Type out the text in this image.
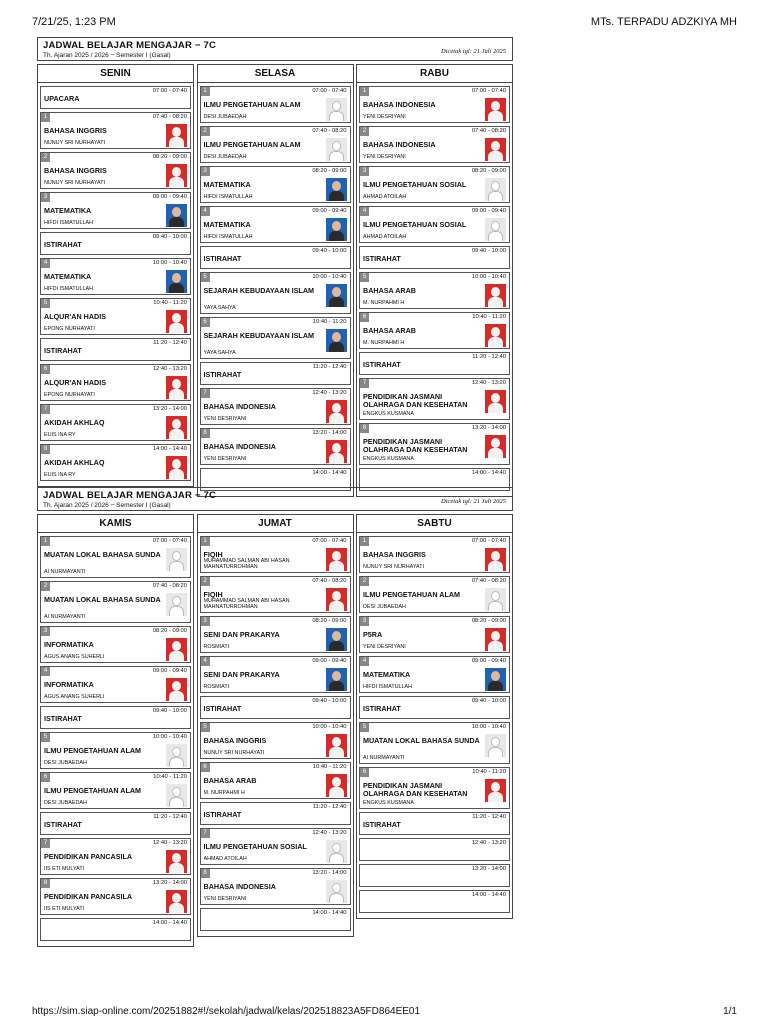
7/21/25, 1:23 PM	MTs. TERPADU ADZKIYA MH
JADWAL BELAJAR MENGAJAR − 7C
Th. Ajaran 2025 / 2026 − Semester I (Gasal)
Dicetak tgl: 21 Juli 2025
SENIN
07:00 - 07:40
UPACARA
1	07:40 - 08:20
BAHASA INGGRIS
NUNUY SRI NURHAYATI
2	08:20 - 09:00
BAHASA INGGRIS
NUNUY SRI NURHAYATI
3	09:00 - 09:40
MATEMATIKA
HIFDI ISMATULLAH
09:40 - 10:00
ISTIRAHAT
4	10:00 - 10:40
MATEMATIKA
HIFDI ISMATULLAH
5	10:40 - 11:20
ALQUR'AN HADIS
EPONG NURHAYATI
11:20 - 12:40
ISTIRAHAT
6	12:40 - 13:20
ALQUR'AN HADIS
EPONG NURHAYATI
7	13:20 - 14:00
AKIDAH AKHLAQ
EUIS INA RY
8	14:00 - 14:40
AKIDAH AKHLAQ
EUIS INA RY
SELASA
1	07:00 - 07:40
ILMU PENGETAHUAN ALAM
DESI JUBAEDAH
2	07:40 - 08:20
ILMU PENGETAHUAN ALAM
DESI JUBAEDAH
3	08:20 - 09:00
MATEMATIKA
HIFDI ISMATULLAH
4	09:00 - 09:40
MATEMATIKA
HIFDI ISMATULLAH
09:40 - 10:00
ISTIRAHAT
5	10:00 - 10:40
SEJARAH KEBUDAYAAN ISLAM
YAYA SAHYA
6	10:40 - 11:20
SEJARAH KEBUDAYAAN ISLAM
YAYA SAHYA
11:20 - 12:40
ISTIRAHAT
7	12:40 - 13:20
BAHASA INDONESIA
YENI DESRIYANI
8	13:20 - 14:00
BAHASA INDONESIA
YENI DESRIYANI
14:00 - 14:40
RABU
1	07:00 - 07:40
BAHASA INDONESIA
YENI DESRIYANI
2	07:40 - 08:20
BAHASA INDONESIA
YENI DESRIYANI
3	08:20 - 09:00
ILMU PENGETAHUAN SOSIAL
AHMAD ATOILAH
4	09:00 - 09:40
ILMU PENGETAHUAN SOSIAL
AHMAD ATOILAH
09:40 - 10:00
ISTIRAHAT
5	10:00 - 10:40
BAHASA ARAB
M. NURPAHMI H
6	10:40 - 11:20
BAHASA ARAB
M. NURPAHMI H
11:20 - 12:40
ISTIRAHAT
7	12:40 - 13:20
PENDIDIKAN JASMANI OLAHRAGA DAN KESEHATAN
ENGKUS KUSMANA
8	13:20 - 14:00
PENDIDIKAN JASMANI OLAHRAGA DAN KESEHATAN
ENGKUS KUSMANA
14:00 - 14:40
JADWAL BELAJAR MENGAJAR − 7C
Th. Ajaran 2025 / 2026 − Semester I (Gasal)
Dicetak tgl: 21 Juli 2025
KAMIS
1	07:00 - 07:40
MUATAN LOKAL BAHASA SUNDA
AI NURMAYANTI
2	07:40 - 08:20
MUATAN LOKAL BAHASA SUNDA
AI NURMAYANTI
3	08:20 - 09:00
INFORMATIKA
AGUS ANANG SUHERLI
4	09:00 - 09:40
INFORMATIKA
AGUS ANANG SUHERLI
09:40 - 10:00
ISTIRAHAT
5	10:00 - 10:40
ILMU PENGETAHUAN ALAM
DESI JUBAEDAH
6	10:40 - 11:20
ILMU PENGETAHUAN ALAM
DESI JUBAEDAH
11:20 - 12:40
ISTIRAHAT
7	12:40 - 13:20
PENDIDIKAN PANCASILA
IIS ETI MULYATI
8	13:20 - 14:00
PENDIDIKAN PANCASILA
IIS ETI MULYATI
14:00 - 14:40
JUMAT
1	07:00 - 07:40
FIQIH
MUHAMMAD SALMAN ABI HASAN MAHNATURROHMAN
2	07:40 - 08:20
FIQIH
MUHAMMAD SALMAN ABI HASAN MAHNATURROHMAN
3	08:20 - 09:00
SENI DAN PRAKARYA
ROSMIATI
4	09:00 - 09:40
SENI DAN PRAKARYA
ROSMIATI
09:40 - 10:00
ISTIRAHAT
5	10:00 - 10:40
BAHASA INGGRIS
NUNUY SRI NURHAYATI
6	10:40 - 11:20
BAHASA ARAB
M. NURPAHMI H
11:20 - 12:40
ISTIRAHAT
7	12:40 - 13:20
ILMU PENGETAHUAN SOSIAL
AHMAD ATOILAH
8	13:20 - 14:00
BAHASA INDONESIA
YENI DESRIYANI
14:00 - 14:40
SABTU
1	07:00 - 07:40
BAHASA INGGRIS
NUNUY SRI NURHAYATI
2	07:40 - 08:20
ILMU PENGETAHUAN ALAM
DESI JUBAEDAH
3	08:20 - 09:00
P5RA
YENI DESRIYANI
4	09:00 - 09:40
MATEMATIKA
HIFDI ISMATULLAH
09:40 - 10:00
ISTIRAHAT
5	10:00 - 10:40
MUATAN LOKAL BAHASA SUNDA
AI NURMAYANTI
6	10:40 - 11:20
PENDIDIKAN JASMANI OLAHRAGA DAN KESEHATAN
ENGKUS KUSMANA
11:20 - 12:40
ISTIRAHAT
12:40 - 13:20
13:20 - 14:00
14:00 - 14:40
https://sim.siap-online.com/20251882#!/sekolah/jadwal/kelas/202518823A5FD864EE01	1/1
